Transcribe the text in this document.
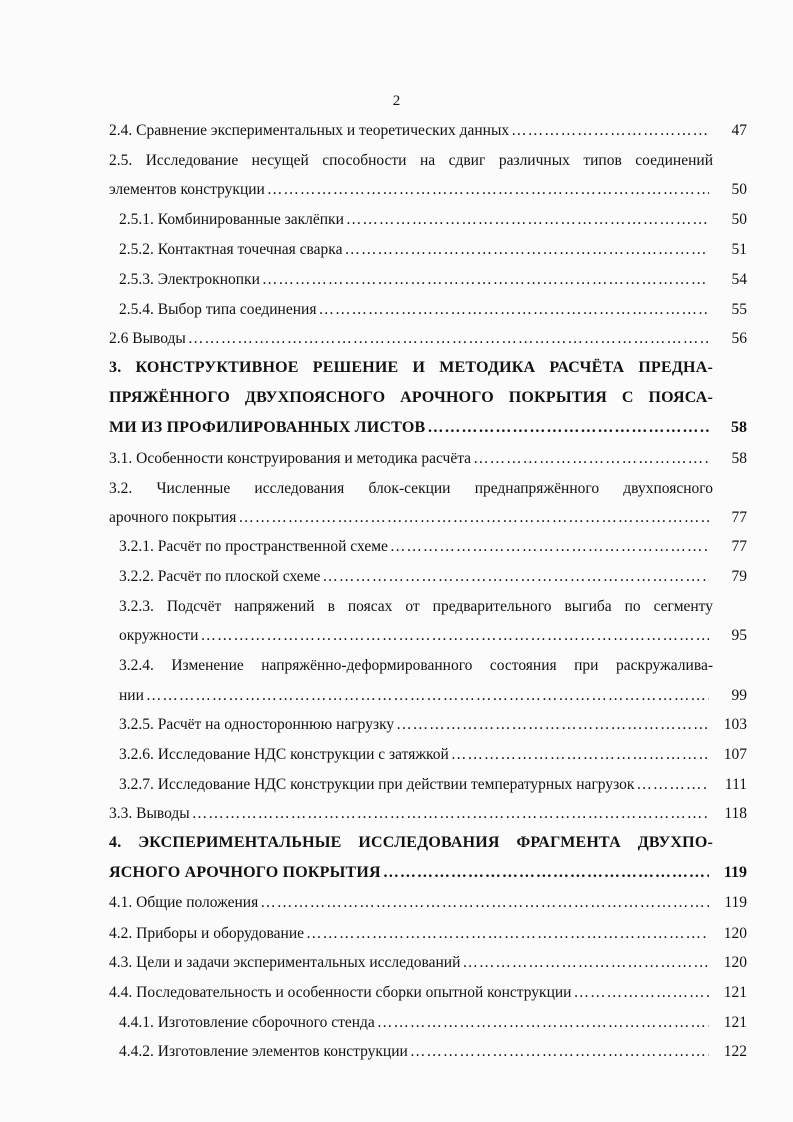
2
2.4. Сравнение экспериментальных и теоретических данных …………………………………………………………………………………………………………………………………………………………………………………………………………	47
2.5. Исследование несущей способности на сдвиг различных типов соединений
элементов конструкции …………………………………………………………………………………………………………………………………………………………………………………………………………	50
2.5.1. Комбинированные заклёпки …………………………………………………………………………………………………………………………………………………………………………………………………………	50
2.5.2. Контактная точечная сварка …………………………………………………………………………………………………………………………………………………………………………………………………………	51
2.5.3. Электрокнопки …………………………………………………………………………………………………………………………………………………………………………………………………………	54
2.5.4. Выбор типа соединения …………………………………………………………………………………………………………………………………………………………………………………………………………	55
2.6 Выводы …………………………………………………………………………………………………………………………………………………………………………………………………………	56
3. КОНСТРУКТИВНОЕ РЕШЕНИЕ И МЕТОДИКА РАСЧЁТА ПРЕДНА-
ПРЯЖЁННОГО ДВУХПОЯСНОГО АРОЧНОГО ПОКРЫТИЯ С ПОЯСА-
МИ ИЗ ПРОФИЛИРОВАННЫХ ЛИСТОВ …………………………………………………………………………………………………………………………………………………………………………………………………………	58
3.1. Особенности конструирования и методика расчёта …………………………………………………………………………………………………………………………………………………………………………………………………………	58
3.2. Численные исследования блок-секции преднапряжённого двухпоясного
арочного покрытия …………………………………………………………………………………………………………………………………………………………………………………………………………	77
3.2.1. Расчёт по пространственной схеме …………………………………………………………………………………………………………………………………………………………………………………………………………	77
3.2.2. Расчёт по плоской схеме …………………………………………………………………………………………………………………………………………………………………………………………………………	79
3.2.3. Подсчёт напряжений в поясах от предварительного выгиба по сегменту
окружности …………………………………………………………………………………………………………………………………………………………………………………………………………	95
3.2.4. Изменение напряжённо-деформированного состояния при раскружалива-
нии …………………………………………………………………………………………………………………………………………………………………………………………………………	99
3.2.5. Расчёт на одностороннюю нагрузку …………………………………………………………………………………………………………………………………………………………………………………………………………	103
3.2.6. Исследование НДС конструкции с затяжкой …………………………………………………………………………………………………………………………………………………………………………………………………………	107
3.2.7. Исследование НДС конструкции при действии температурных нагрузок …………………………………………………………………………………………………………………………………………………………………………………………………………	111
3.3. Выводы …………………………………………………………………………………………………………………………………………………………………………………………………………	118
4. ЭКСПЕРИМЕНТАЛЬНЫЕ ИССЛЕДОВАНИЯ ФРАГМЕНТА ДВУХПО-
ЯСНОГО АРОЧНОГО ПОКРЫТИЯ …………………………………………………………………………………………………………………………………………………………………………………………………………	119
4.1. Общие положения …………………………………………………………………………………………………………………………………………………………………………………………………………	119
4.2. Приборы и оборудование …………………………………………………………………………………………………………………………………………………………………………………………………………	120
4.3. Цели и задачи экспериментальных исследований …………………………………………………………………………………………………………………………………………………………………………………………………………	120
4.4. Последовательность и особенности сборки опытной конструкции …………………………………………………………………………………………………………………………………………………………………………………………………………	121
4.4.1. Изготовление сборочного стенда …………………………………………………………………………………………………………………………………………………………………………………………………………	121
4.4.2. Изготовление элементов конструкции …………………………………………………………………………………………………………………………………………………………………………………………………………	122
